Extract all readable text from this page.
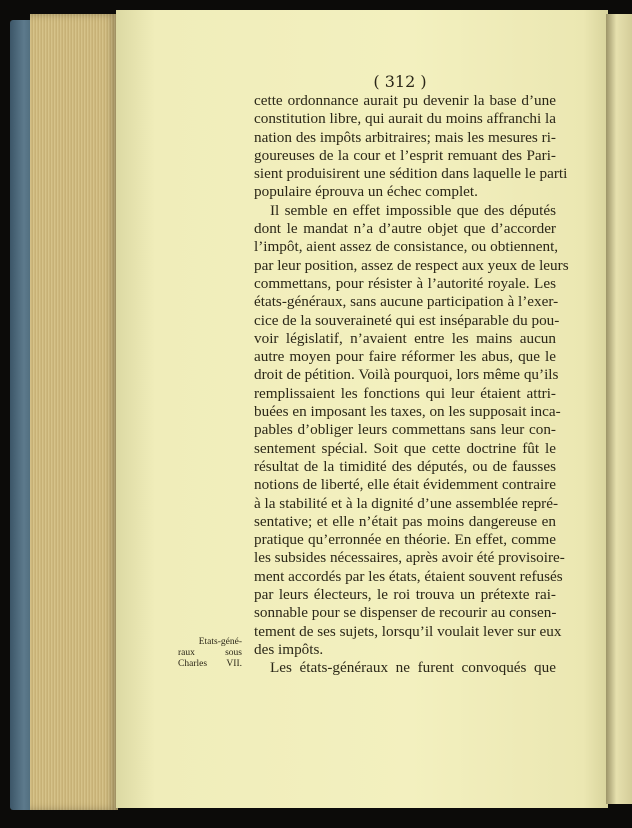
( 312 )
cette ordonnance aurait pu devenir la base d’une
constitution libre, qui aurait du moins affranchi la
nation des impôts arbitraires; mais les mesures ri-
goureuses de la cour et l’esprit remuant des Pari-
sient produisirent une sédition dans laquelle le parti
populaire éprouva un échec complet.
Il semble en effet impossible que des députés
dont le mandat n’a d’autre objet que d’accorder
l’impôt, aient assez de consistance, ou obtiennent,
par leur position, assez de respect aux yeux de leurs
commettans, pour résister à l’autorité royale. Les
états-généraux, sans aucune participation à l’exer-
cice de la souveraineté qui est inséparable du pou-
voir législatif, n’avaient entre les mains aucun
autre moyen pour faire réformer les abus, que le
droit de pétition. Voilà pourquoi, lors même qu’ils
remplissaient les fonctions qui leur étaient attri-
buées en imposant les taxes, on les supposait inca-
pables d’obliger leurs commettans sans leur con-
sentement spécial. Soit que cette doctrine fût le
résultat de la timidité des députés, ou de fausses
notions de liberté, elle était évidemment contraire
à la stabilité et à la dignité d’une assemblée repré-
sentative; et elle n’était pas moins dangereuse en
pratique qu’erronnée en théorie. En effet, comme
les subsides nécessaires, après avoir été provisoire-
ment accordés par les états, étaient souvent refusés
par leurs électeurs, le roi trouva un prétexte rai-
sonnable pour se dispenser de recourir au consen-
tement de ses sujets, lorsqu’il voulait lever sur eux
des impôts.
Les états-généraux ne furent convoqués que
Etats-géné-
raux sous
Charles VII.
